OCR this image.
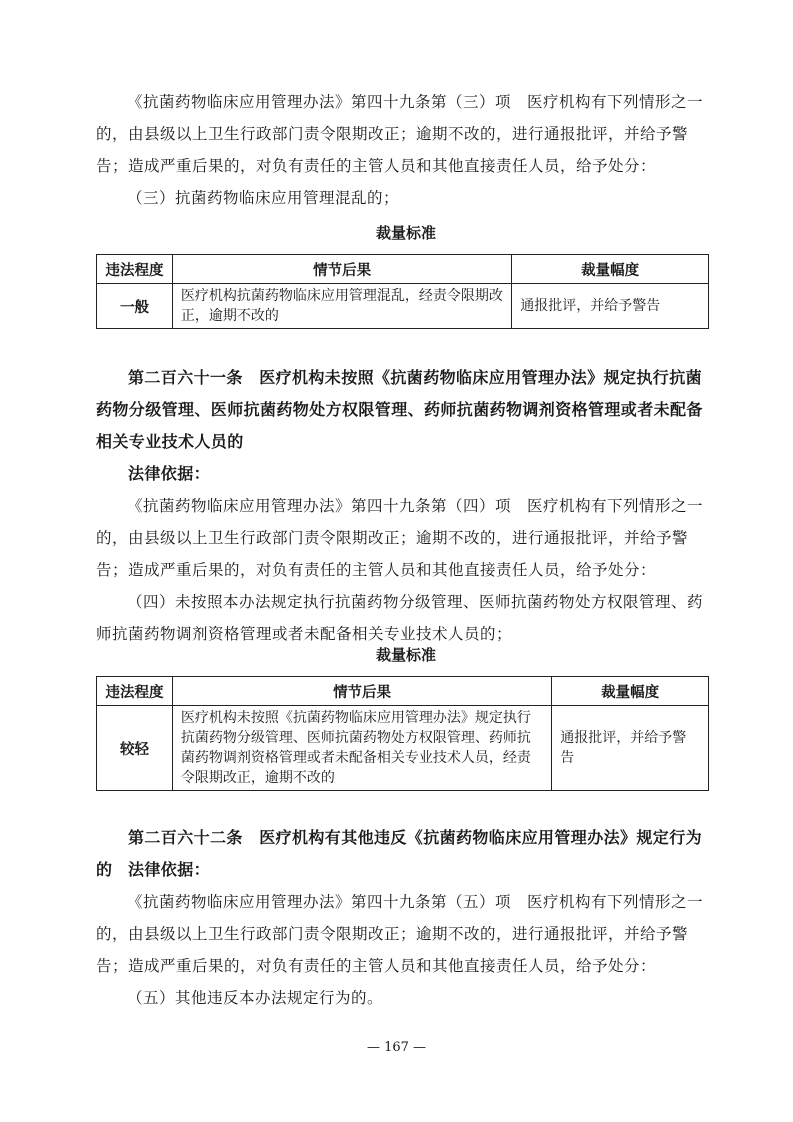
《抗菌药物临床应用管理办法》第四十九条第（三）项　医疗机构有下列情形之一的，由县级以上卫生行政部门责令限期改正；逾期不改的，进行通报批评，并给予警告；造成严重后果的，对负有责任的主管人员和其他直接责任人员，给予处分：

（三）抗菌药物临床应用管理混乱的；

裁量标准

违法程度	情节后果	裁量幅度
一般	医疗机构抗菌药物临床应用管理混乱，经责令限期改正，逾期不改的	通报批评，并给予警告

第二百六十一条　医疗机构未按照《抗菌药物临床应用管理办法》规定执行抗菌药物分级管理、医师抗菌药物处方权限管理、药师抗菌药物调剂资格管理或者未配备相关专业技术人员的

法律依据：

《抗菌药物临床应用管理办法》第四十九条第（四）项　医疗机构有下列情形之一的，由县级以上卫生行政部门责令限期改正；逾期不改的，进行通报批评，并给予警告；造成严重后果的，对负有责任的主管人员和其他直接责任人员，给予处分：

（四）未按照本办法规定执行抗菌药物分级管理、医师抗菌药物处方权限管理、药师抗菌药物调剂资格管理或者未配备相关专业技术人员的；

裁量标准

违法程度	情节后果	裁量幅度
较轻	医疗机构未按照《抗菌药物临床应用管理办法》规定执行抗菌药物分级管理、医师抗菌药物处方权限管理、药师抗菌药物调剂资格管理或者未配备相关专业技术人员，经责令限期改正，逾期不改的	通报批评，并给予警告

第二百六十二条　医疗机构有其他违反《抗菌药物临床应用管理办法》规定行为的 法律依据：

《抗菌药物临床应用管理办法》第四十九条第（五）项　医疗机构有下列情形之一的，由县级以上卫生行政部门责令限期改正；逾期不改的，进行通报批评，并给予警告；造成严重后果的，对负有责任的主管人员和其他直接责任人员，给予处分：

（五）其他违反本办法规定行为的。

— 167 —
